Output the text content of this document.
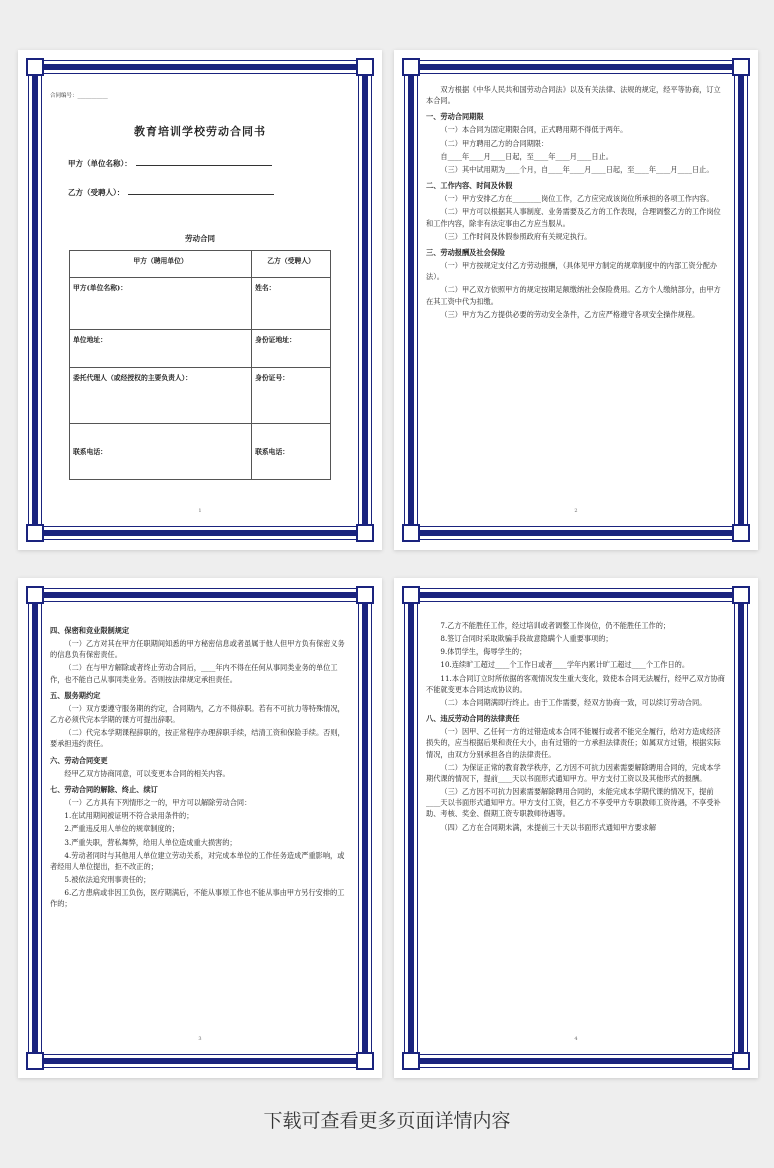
合同编号：___________
教育培训学校劳动合同书
甲方（单位名称）：
乙方（受聘人）：
劳动合同
甲方（聘用单位）	乙方（受聘人）
甲方(单位名称)：	姓名：
单位地址：	身份证地址：
委托代理人（或经授权的主要负责人）：	身份证号：
联系电话：	联系电话：
1

双方根据《中华人民共和国劳动合同法》以及有关法律、法规的规定，经平等协商，订立本合同。

一、劳动合同期限

（一）本合同为固定期限合同，正式聘用期不得低于两年。

（二）甲方聘用乙方的合同期限：

自____年____月____日起，至____年____月____日止。

（三）其中试用期为____个月，自____年____月____日起，至____年____月____日止。

二、工作内容、时间及休假

（一）甲方安排乙方在________岗位工作，乙方应完成该岗位所承担的各项工作内容。

（二）甲方可以根据其人事制度、业务需要及乙方的工作表现，合理调整乙方的工作岗位和工作内容，除非有法定事由乙方应当服从。

（三）工作时间及休假参照政府有关规定执行。

三、劳动报酬及社会保险

（一）甲方按规定支付乙方劳动报酬，（具体见甲方制定的规章制度中的内部工资分配办法）。

（二）甲乙双方依照甲方的规定按期足额缴纳社会保险费用。乙方个人缴纳部分，由甲方在其工资中代为扣缴。

（三）甲方为乙方提供必要的劳动安全条件，乙方应严格遵守各项安全操作规程。

2

四、保密和竞业限制规定

（一）乙方对其在甲方任职期间知悉的甲方秘密信息或者虽属于他人但甲方负有保密义务的信息负有保密责任。

（二）在与甲方解除或者终止劳动合同后，____年内不得在任何从事同类业务的单位工作，也不能自己从事同类业务。否则按法律规定承担责任。

五、服务期约定

（一）双方要遵守服务期的约定，合同期内，乙方不得辞职。若有不可抗力等特殊情况，乙方必须代完本学期的课方可提出辞职。

（二）代完本学期课程辞职的，按正常程序办理辞职手续，结清工资和保险手续。否则，要承担违约责任。

六、劳动合同变更

经甲乙双方协商同意，可以变更本合同的相关内容。

七、劳动合同的解除、终止、续订

（一）乙方具有下列情形之一的，甲方可以解除劳动合同：

1.在试用期间被证明不符合录用条件的；

2.严重违反用人单位的规章制度的；

3.严重失职，营私舞弊，给用人单位造成重大损害的；

4.劳动者同时与其他用人单位建立劳动关系，对完成本单位的工作任务造成严重影响，或者经用人单位提出，拒不改正的；

5.被依法追究刑事责任的；

6.乙方患病或非因工负伤，医疗期满后，不能从事原工作也不能从事由甲方另行安排的工作的；

3

7.乙方不能胜任工作，经过培训或者调整工作岗位，仍不能胜任工作的；

8.签订合同时采取欺骗手段故意隐瞒个人重要事项的；

9.体罚学生，侮辱学生的；

10.连续旷工超过____个工作日或者____学年内累计旷工超过____个工作日的。

11.本合同订立时所依据的客观情况发生重大变化，致使本合同无法履行，经甲乙双方协商不能就变更本合同达成协议的。

（二）本合同期满即行终止。由于工作需要，经双方协商一致，可以续订劳动合同。

八、违反劳动合同的法律责任

（一）因甲、乙任何一方的过错造成本合同不能履行或者不能完全履行，给对方造成经济损失的，应当根据后果和责任大小，由有过错的一方承担法律责任；如属双方过错，根据实际情况，由双方分别承担各自的法律责任。

（二）为保证正常的教育教学秩序，乙方因不可抗力因素需要解除聘用合同的，完成本学期代课的情况下，提前____天以书面形式通知甲方。甲方支付工资以及其他形式的报酬。

（三）乙方因不可抗力因素需要解除聘用合同的，未能完成本学期代课的情况下，提前____天以书面形式通知甲方。甲方支付工资，但乙方不享受甲方专职教师工资待遇，不享受补助、考核、奖金、假期工资专职教师待遇等。

（四）乙方在合同期未满，未提前三十天以书面形式通知甲方要求解

4
下载可查看更多页面详情内容
